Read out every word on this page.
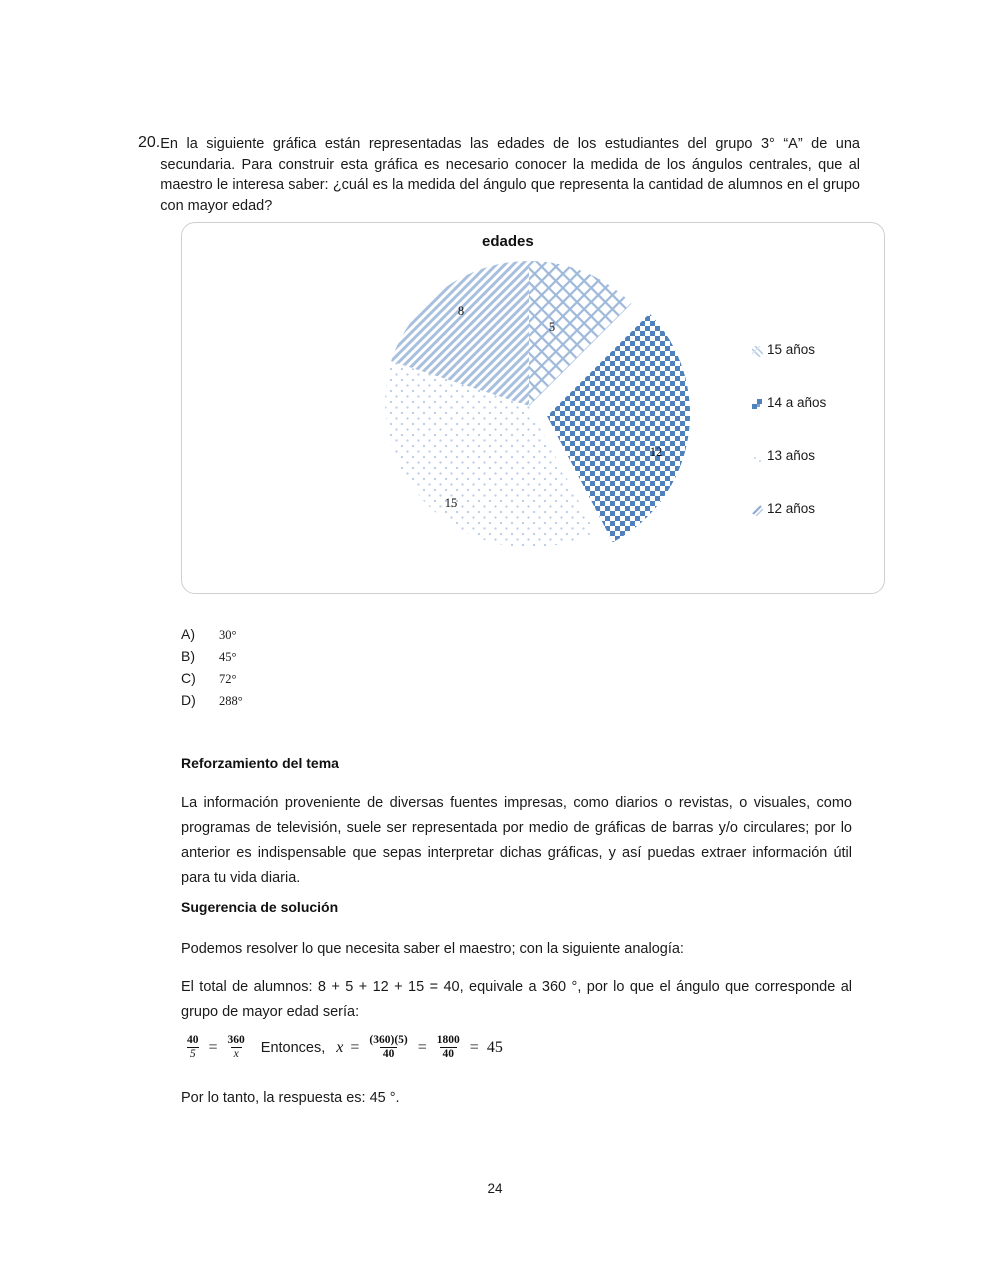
20. En la siguiente gráfica están representadas las edades de los estudiantes del grupo 3° “A” de una secundaria. Para construir esta gráfica es necesario conocer la medida de los ángulos centrales, que al maestro le interesa saber: ¿cuál es la medida del ángulo que representa la cantidad de alumnos en el grupo con mayor edad?
edades
8
5
12
15
15 años
14 a años
13 años
12 años
A)	30°
B)	45°
C)	72°
D)	288°
Reforzamiento del tema
La información proveniente de diversas fuentes impresas, como diarios o revistas, o visuales, como programas de televisión, suele ser representada por medio de gráficas de barras y/o circulares; por lo anterior es indispensable que sepas interpretar dichas gráficas, y así puedas extraer información útil para tu vida diaria.
Sugerencia de solución
Podemos resolver lo que necesita saber el maestro; con la siguiente analogía:
El total de alumnos: 8 + 5 + 12 + 15 = 40, equivale a 360 °, por lo que el ángulo que corresponde al grupo de mayor edad sería:
$\frac{40}{5} = \frac{360}{x}$ Entonces, $x = \frac{(360)(5)}{40} = \frac{1800}{40} = 45$
Por lo tanto, la respuesta es: 45 °.
24
